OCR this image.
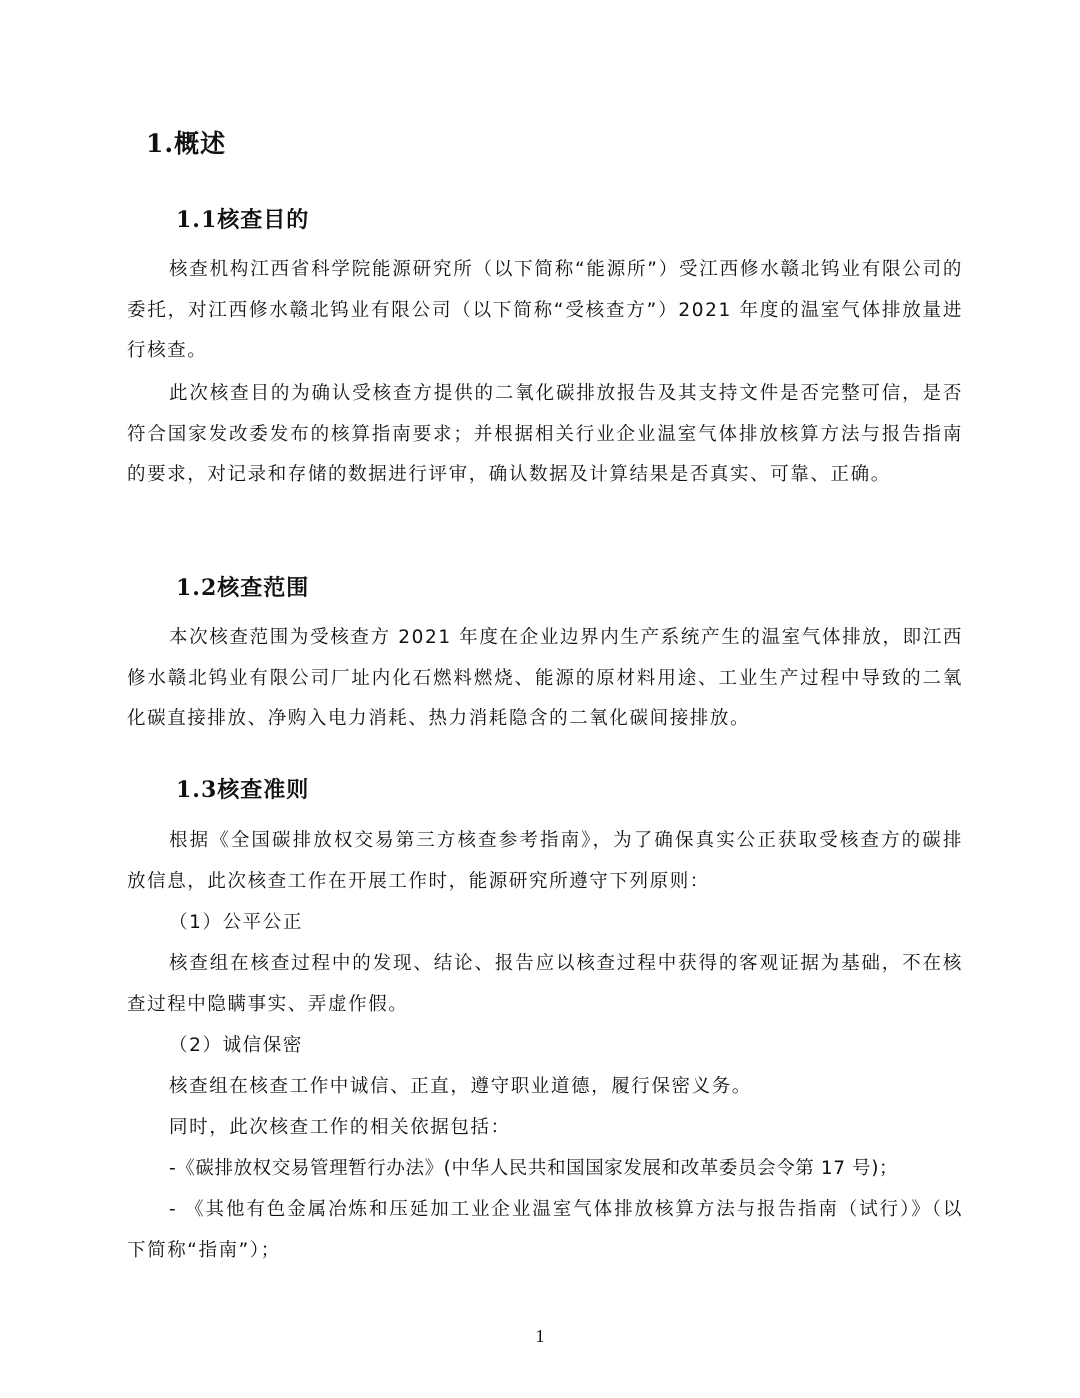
1.概述
1.1核查目的
核查机构江西省科学院能源研究所（以下简称“能源所”）受江西修水赣北钨业有限公司的委托，对江西修水赣北钨业有限公司（以下简称“受核查方”）2021 年度的温室气体排放量进行核查。
此次核查目的为确认受核查方提供的二氧化碳排放报告及其支持文件是否完整可信，是否符合国家发改委发布的核算指南要求；并根据相关行业企业温室气体排放核算方法与报告指南的要求，对记录和存储的数据进行评审，确认数据及计算结果是否真实、可靠、正确。
1.2核查范围
本次核查范围为受核查方 2021 年度在企业边界内生产系统产生的温室气体排放，即江西修水赣北钨业有限公司厂址内化石燃料燃烧、能源的原材料用途、工业生产过程中导致的二氧化碳直接排放、净购入电力消耗、热力消耗隐含的二氧化碳间接排放。
1.3核查准则
根据《全国碳排放权交易第三方核查参考指南》，为了确保真实公正获取受核查方的碳排放信息，此次核查工作在开展工作时，能源研究所遵守下列原则：
（1）公平公正
核查组在核查过程中的发现、结论、报告应以核查过程中获得的客观证据为基础，不在核查过程中隐瞒事实、弄虚作假。
（2）诚信保密
核查组在核查工作中诚信、正直，遵守职业道德，履行保密义务。
同时，此次核查工作的相关依据包括：
-《碳排放权交易管理暂行办法》(中华人民共和国国家发展和改革委员会令第 17 号)；
- 《其他有色金属冶炼和压延加工业企业温室气体排放核算方法与报告指南（试行）》（以下简称“指南”）；
1
